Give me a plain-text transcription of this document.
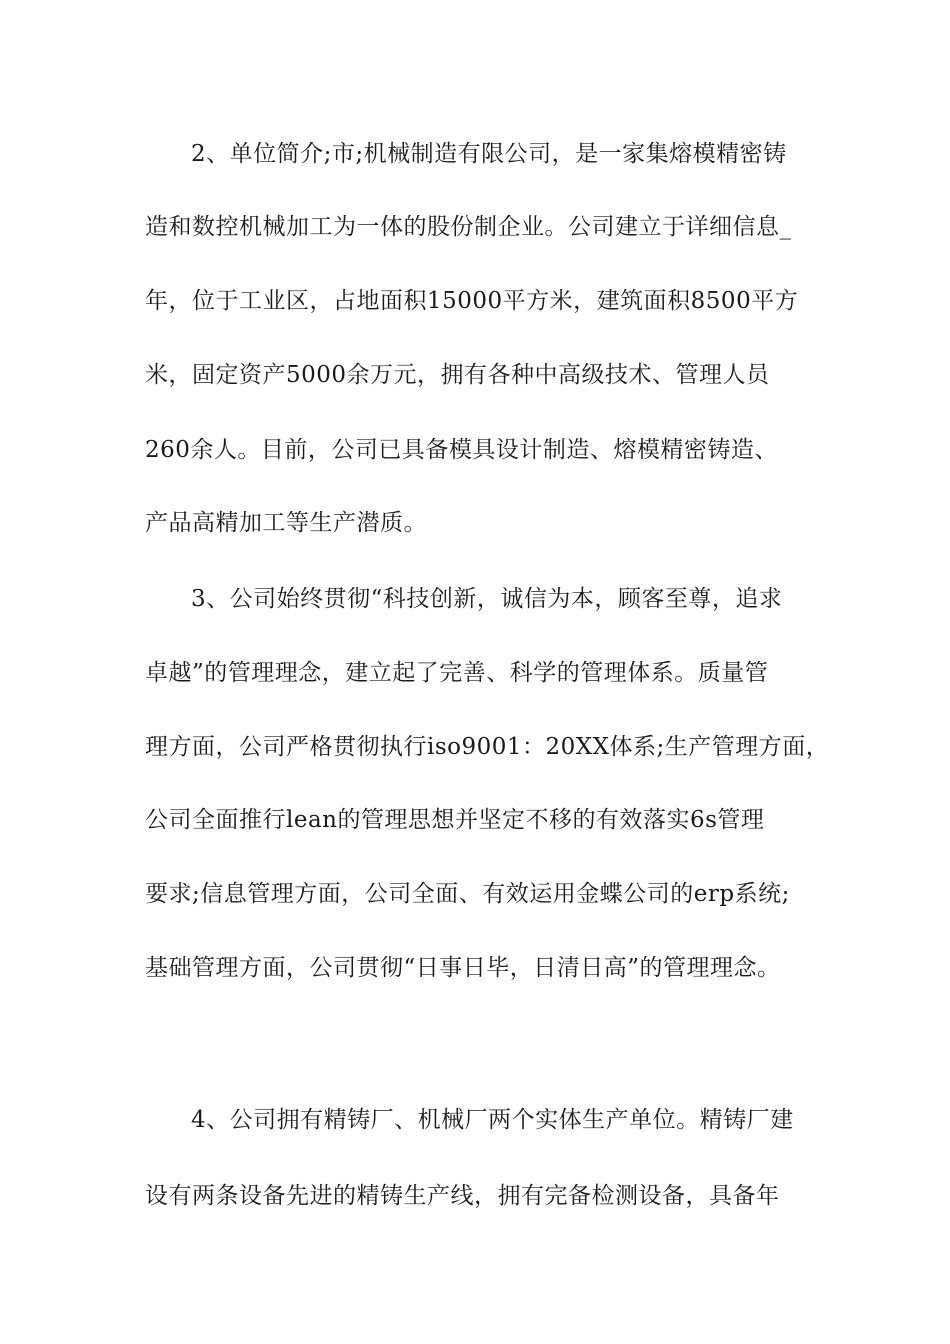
2、单位简介;市;机械制造有限公司，是一家集熔模精密铸
造和数控机械加工为一体的股份制企业。公司建立于详细信息_
年，位于工业区，占地面积15000平方米，建筑面积8500平方
米，固定资产5000余万元，拥有各种中高级技术、管理人员
260余人。目前，公司已具备模具设计制造、熔模精密铸造、
产品高精加工等生产潜质。
3、公司始终贯彻“科技创新，诚信为本，顾客至尊，追求
卓越”的管理理念，建立起了完善、科学的管理体系。质量管
理方面，公司严格贯彻执行iso9001：20XX体系;生产管理方面，
公司全面推行lean的管理思想并坚定不移的有效落实6s管理
要求;信息管理方面，公司全面、有效运用金蝶公司的erp系统;
基础管理方面，公司贯彻“日事日毕，日清日高”的管理理念。
4、公司拥有精铸厂、机械厂两个实体生产单位。精铸厂建
设有两条设备先进的精铸生产线，拥有完备检测设备，具备年
